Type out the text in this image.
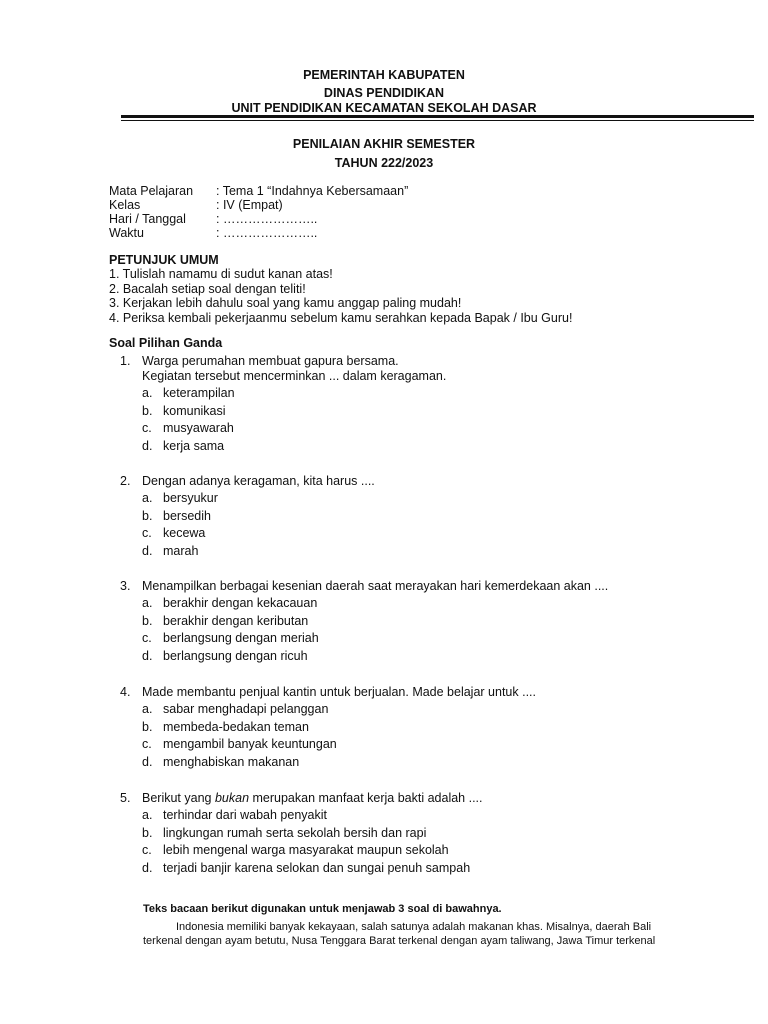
PEMERINTAH KABUPATEN
DINAS PENDIDIKAN
UNIT PENDIDIKAN KECAMATAN SEKOLAH DASAR
PENILAIAN AKHIR SEMESTER
TAHUN 222/2023
Mata Pelajaran	: Tema 1 “Indahnya Kebersamaan”
Kelas	: IV (Empat)
Hari / Tanggal	: …………………..
Waktu	: …………………..
PETUNJUK UMUM
1. Tulislah namamu di sudut kanan atas!
2. Bacalah setiap soal dengan teliti!
3. Kerjakan lebih dahulu soal yang kamu anggap paling mudah!
4. Periksa kembali pekerjaanmu sebelum kamu serahkan kepada Bapak / Ibu Guru!
Soal Pilihan Ganda
1. Warga perumahan membuat gapura bersama.
Kegiatan tersebut mencerminkan ... dalam keragaman.
a. keterampilan
b. komunikasi
c. musyawarah
d. kerja sama
2. Dengan adanya keragaman, kita harus ....
a. bersyukur
b. bersedih
c. kecewa
d. marah
3. Menampilkan berbagai kesenian daerah saat merayakan hari kemerdekaan akan ....
a. berakhir dengan kekacauan
b. berakhir dengan keributan
c. berlangsung dengan meriah
d. berlangsung dengan ricuh
4. Made membantu penjual kantin untuk berjualan. Made belajar untuk ....
a. sabar menghadapi pelanggan
b. membeda-bedakan teman
c. mengambil banyak keuntungan
d. menghabiskan makanan
5. Berikut yang bukan merupakan manfaat kerja bakti adalah ....
a. terhindar dari wabah penyakit
b. lingkungan rumah serta sekolah bersih dan rapi
c. lebih mengenal warga masyarakat maupun sekolah
d. terjadi banjir karena selokan dan sungai penuh sampah
Teks bacaan berikut digunakan untuk menjawab 3 soal di bawahnya.

Indonesia memiliki banyak kekayaan, salah satunya adalah makanan khas. Misalnya, daerah Bali terkenal dengan ayam betutu, Nusa Tenggara Barat terkenal dengan ayam taliwang, Jawa Timur terkenal
